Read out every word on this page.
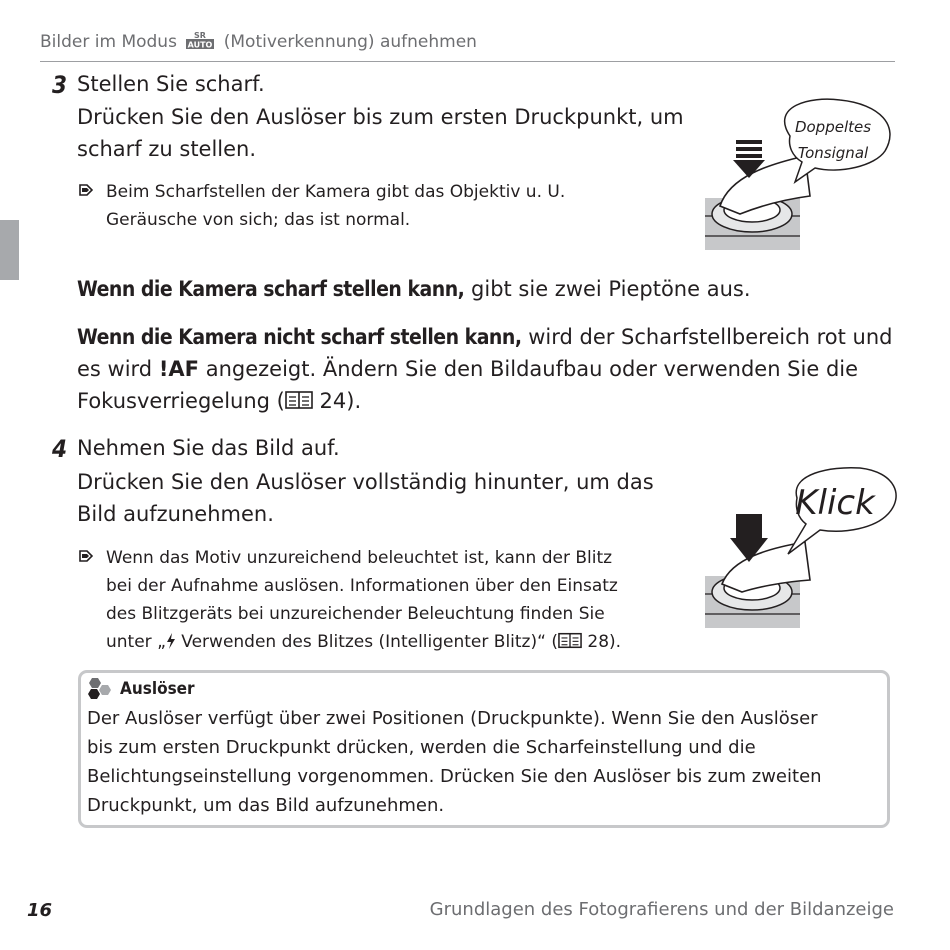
Bilder im Modus SR
AUTO (Motiverkennung) aufnehmen
3 Stellen Sie scharf.
Drücken Sie den Auslöser bis zum ersten Druckpunkt, um
scharf zu stellen.
Beim Scharfstellen der Kamera gibt das Objektiv u. U.
Geräusche von sich; das ist normal.
Doppeltes
Tonsignal
Wenn die Kamera scharf stellen kann, gibt sie zwei Pieptöne aus.
Wenn die Kamera nicht scharf stellen kann, wird der Scharfstellbereich rot und
es wird !AF angezeigt. Ändern Sie den Bildaufbau oder verwenden Sie die
Fokusverriegelung ( 24).
4 Nehmen Sie das Bild auf.
Drücken Sie den Auslöser vollständig hinunter, um das
Bild aufzunehmen.
Wenn das Motiv unzureichend beleuchtet ist, kann der Blitz
bei der Aufnahme auslösen. Informationen über den Einsatz
des Blitzgeräts bei unzureichender Beleuchtung finden Sie
unter „ Verwenden des Blitzes (Intelligenter Blitz)“ ( 28).
Klick
Auslöser
Der Auslöser verfügt über zwei Positionen (Druckpunkte). Wenn Sie den Auslöser
bis zum ersten Druckpunkt drücken, werden die Scharfeinstellung und die
Belichtungseinstellung vorgenommen. Drücken Sie den Auslöser bis zum zweiten
Druckpunkt, um das Bild aufzunehmen.
16	Grundlagen des Fotografierens und der Bildanzeige
